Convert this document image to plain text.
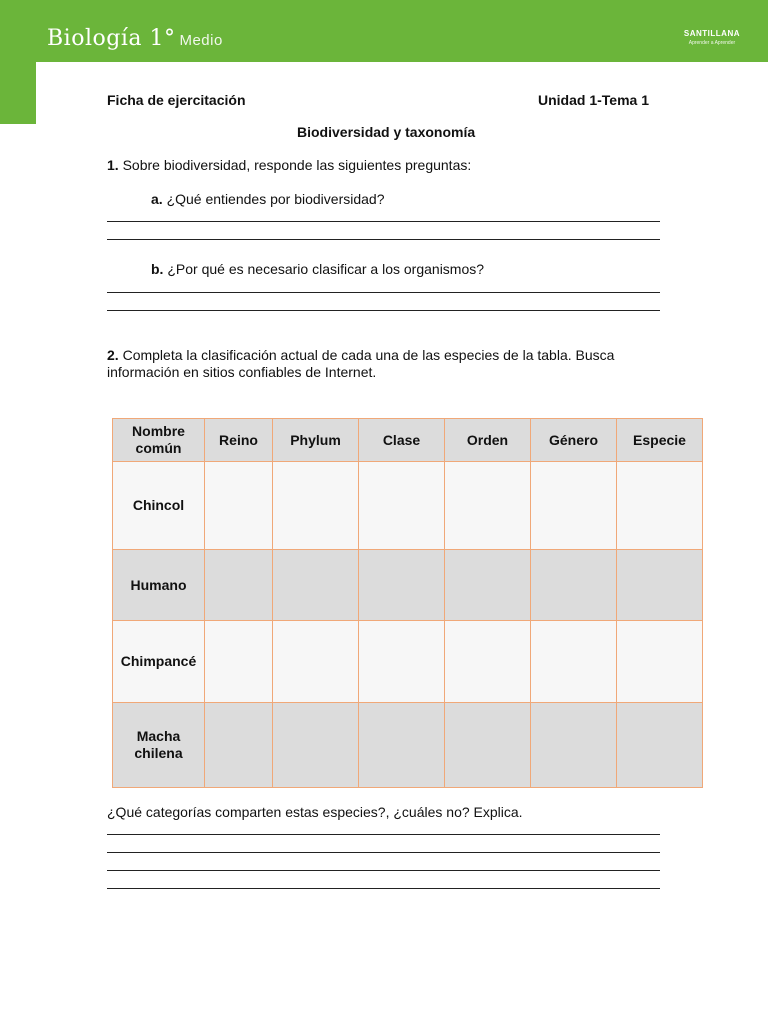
Biología 1° Medio	SANTILLANA
Aprender a Aprender
Ficha de ejercitación	Unidad 1-Tema 1
Biodiversidad y taxonomía
1. Sobre biodiversidad, responde las siguientes preguntas:
a. ¿Qué entiendes por biodiversidad?
b. ¿Por qué es necesario clasificar a los organismos?
2. Completa la clasificación actual de cada una de las especies de la tabla. Busca
información en sitios confiables de Internet.
Nombre común	Reino	Phylum	Clase	Orden	Género	Especie
Chincol						
Humano						
Chimpancé						
Macha chilena						
¿Qué categorías comparten estas especies?, ¿cuáles no? Explica.
